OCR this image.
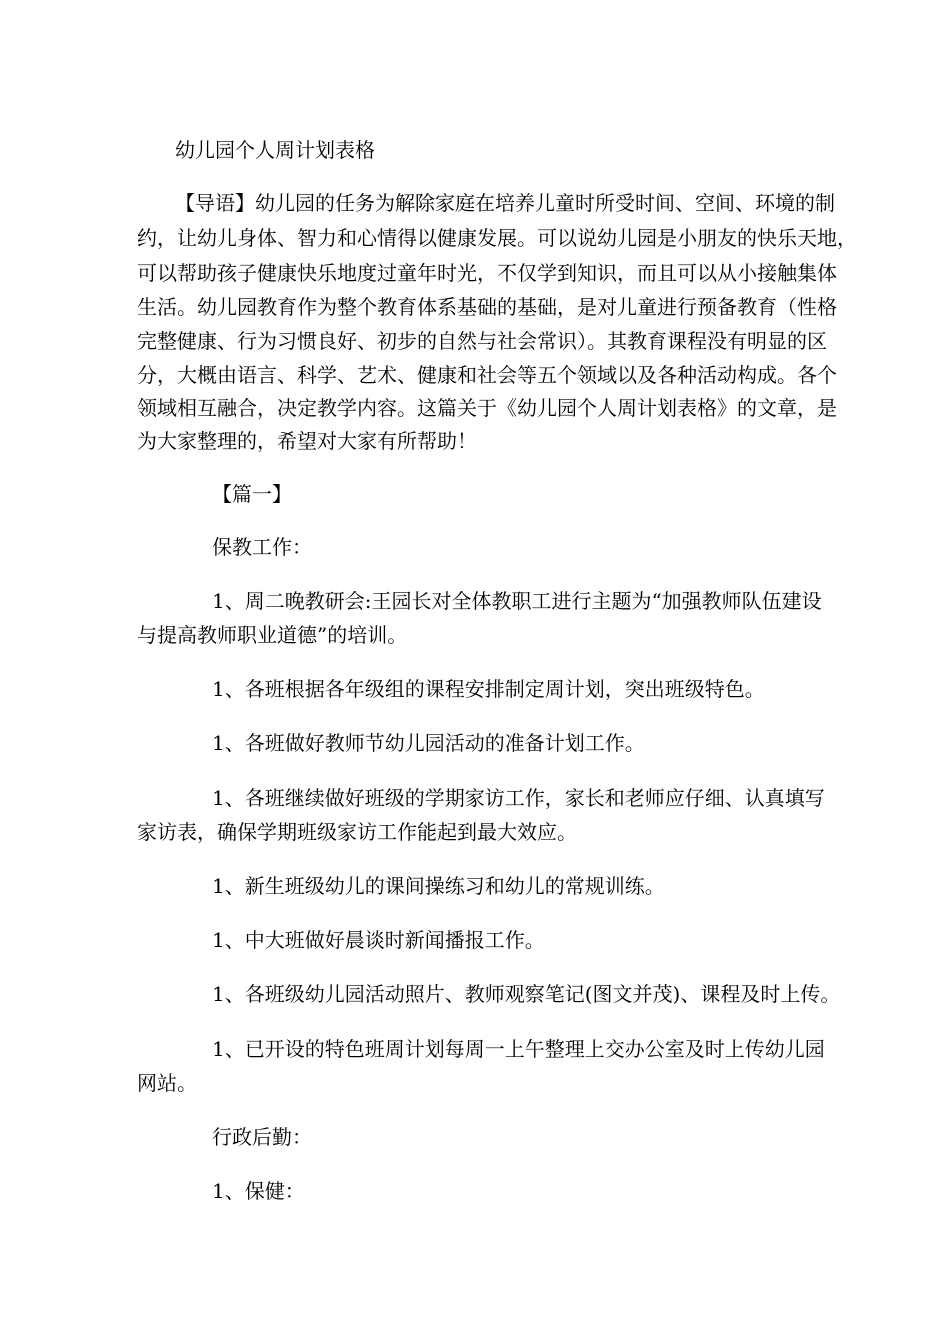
幼儿园个人周计划表格
【导语】幼儿园的任务为解除家庭在培养儿童时所受时间、空间、环境的制
约，让幼儿身体、智力和心情得以健康发展。可以说幼儿园是小朋友的快乐天地，
可以帮助孩子健康快乐地度过童年时光，不仅学到知识，而且可以从小接触集体
生活。幼儿园教育作为整个教育体系基础的基础，是对儿童进行预备教育（性格
完整健康、行为习惯良好、初步的自然与社会常识）。其教育课程没有明显的区
分，大概由语言、科学、艺术、健康和社会等五个领域以及各种活动构成。各个
领域相互融合，决定教学内容。这篇关于《幼儿园个人周计划表格》的文章，是
为大家整理的，希望对大家有所帮助！
【篇一】
保教工作：
1、周二晚教研会:王园长对全体教职工进行主题为“加强教师队伍建设
与提高教师职业道德”的培训。
1、各班根据各年级组的课程安排制定周计划，突出班级特色。
1、各班做好教师节幼儿园活动的准备计划工作。
1、各班继续做好班级的学期家访工作，家长和老师应仔细、认真填写
家访表，确保学期班级家访工作能起到最大效应。
1、新生班级幼儿的课间操练习和幼儿的常规训练。
1、中大班做好晨谈时新闻播报工作。
1、各班级幼儿园活动照片、教师观察笔记(图文并茂)、课程及时上传。
1、已开设的特色班周计划每周一上午整理上交办公室及时上传幼儿园
网站。
行政后勤：
1、保健：
